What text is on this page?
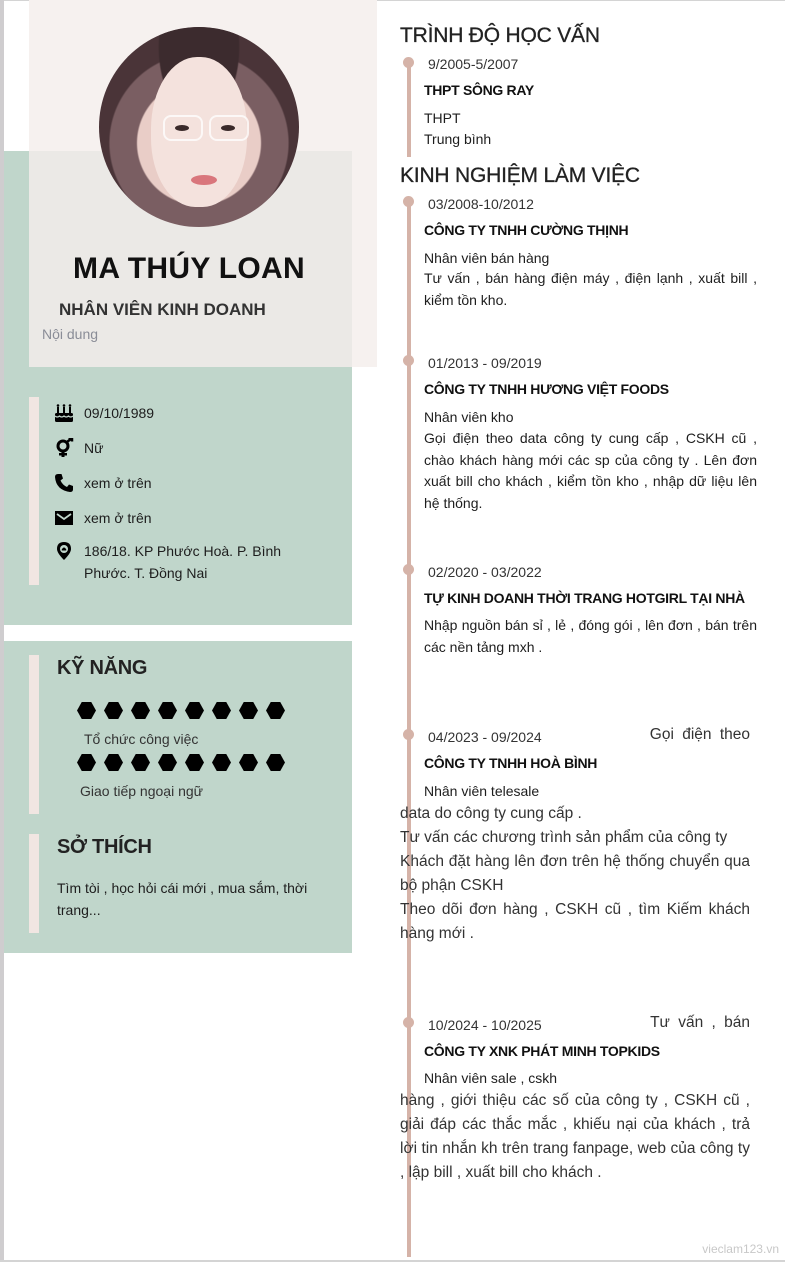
MA THÚY LOAN
NHÂN VIÊN KINH DOANH
Nội dung
09/10/1989
Nữ
xem ở trên
xem ở trên
186/18. KP Phước Hoà. P. Bình Phước. T. Đồng Nai
KỸ NĂNG
Tổ chức công việc
Giao tiếp ngoại ngữ
SỞ THÍCH
Tìm tòi , học hỏi cái mới , mua sắm, thời trang...
TRÌNH ĐỘ HỌC VẤN
9/2005-5/2007
THPT SÔNG RAY
THPT
Trung bình
KINH NGHIỆM LÀM VIỆC
03/2008-10/2012
CÔNG TY TNHH CƯỜNG THỊNH
Nhân viên bán hàng
Tư vấn , bán hàng điện máy , điện lạnh , xuất bill , kiểm tồn kho.
01/2013 - 09/2019
CÔNG TY TNHH HƯƠNG VIỆT FOODS
Nhân viên kho
Gọi điện theo data công ty cung cấp , CSKH cũ , chào khách hàng mới các sp của công ty . Lên đơn xuất bill cho khách , kiểm tồn kho , nhập dữ liệu lên hệ thống.
02/2020 - 03/2022
TỰ KINH DOANH THỜI TRANG HOTGIRL TẠI NHÀ
Nhập nguồn bán sỉ , lẻ , đóng gói , lên đơn , bán trên các nền tảng mxh .
04/2023 - 09/2024	Gọi điện theo
CÔNG TY TNHH HOÀ BÌNH
Nhân viên telesale
data do công ty cung cấp .
Tư vấn các chương trình sản phẩm của công ty
Khách đặt hàng lên đơn trên hệ thống chuyển qua bộ phận CSKH
Theo dõi đơn hàng , CSKH cũ , tìm Kiếm khách hàng mới .
10/2024 - 10/2025	Tư vấn , bán
CÔNG TY XNK PHÁT MINH TOPKIDS
Nhân viên sale , cskh
hàng , giới thiệu các số của công ty , CSKH cũ , giải đáp các thắc mắc , khiếu nại của khách , trả lời tin nhắn kh trên trang fanpage, web của công ty , lập bill , xuất bill cho khách .
vieclam123.vn
